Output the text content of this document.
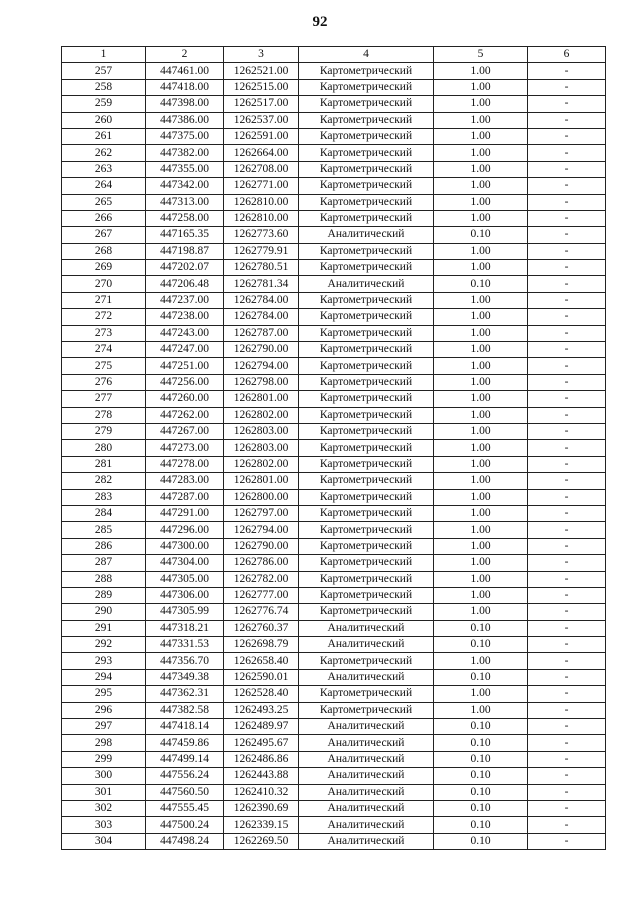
92
1	2	3	4	5	6
257	447461.00	1262521.00	Картометрический	1.00	-
258	447418.00	1262515.00	Картометрический	1.00	-
259	447398.00	1262517.00	Картометрический	1.00	-
260	447386.00	1262537.00	Картометрический	1.00	-
261	447375.00	1262591.00	Картометрический	1.00	-
262	447382.00	1262664.00	Картометрический	1.00	-
263	447355.00	1262708.00	Картометрический	1.00	-
264	447342.00	1262771.00	Картометрический	1.00	-
265	447313.00	1262810.00	Картометрический	1.00	-
266	447258.00	1262810.00	Картометрический	1.00	-
267	447165.35	1262773.60	Аналитический	0.10	-
268	447198.87	1262779.91	Картометрический	1.00	-
269	447202.07	1262780.51	Картометрический	1.00	-
270	447206.48	1262781.34	Аналитический	0.10	-
271	447237.00	1262784.00	Картометрический	1.00	-
272	447238.00	1262784.00	Картометрический	1.00	-
273	447243.00	1262787.00	Картометрический	1.00	-
274	447247.00	1262790.00	Картометрический	1.00	-
275	447251.00	1262794.00	Картометрический	1.00	-
276	447256.00	1262798.00	Картометрический	1.00	-
277	447260.00	1262801.00	Картометрический	1.00	-
278	447262.00	1262802.00	Картометрический	1.00	-
279	447267.00	1262803.00	Картометрический	1.00	-
280	447273.00	1262803.00	Картометрический	1.00	-
281	447278.00	1262802.00	Картометрический	1.00	-
282	447283.00	1262801.00	Картометрический	1.00	-
283	447287.00	1262800.00	Картометрический	1.00	-
284	447291.00	1262797.00	Картометрический	1.00	-
285	447296.00	1262794.00	Картометрический	1.00	-
286	447300.00	1262790.00	Картометрический	1.00	-
287	447304.00	1262786.00	Картометрический	1.00	-
288	447305.00	1262782.00	Картометрический	1.00	-
289	447306.00	1262777.00	Картометрический	1.00	-
290	447305.99	1262776.74	Картометрический	1.00	-
291	447318.21	1262760.37	Аналитический	0.10	-
292	447331.53	1262698.79	Аналитический	0.10	-
293	447356.70	1262658.40	Картометрический	1.00	-
294	447349.38	1262590.01	Аналитический	0.10	-
295	447362.31	1262528.40	Картометрический	1.00	-
296	447382.58	1262493.25	Картометрический	1.00	-
297	447418.14	1262489.97	Аналитический	0.10	-
298	447459.86	1262495.67	Аналитический	0.10	-
299	447499.14	1262486.86	Аналитический	0.10	-
300	447556.24	1262443.88	Аналитический	0.10	-
301	447560.50	1262410.32	Аналитический	0.10	-
302	447555.45	1262390.69	Аналитический	0.10	-
303	447500.24	1262339.15	Аналитический	0.10	-
304	447498.24	1262269.50	Аналитический	0.10	-
